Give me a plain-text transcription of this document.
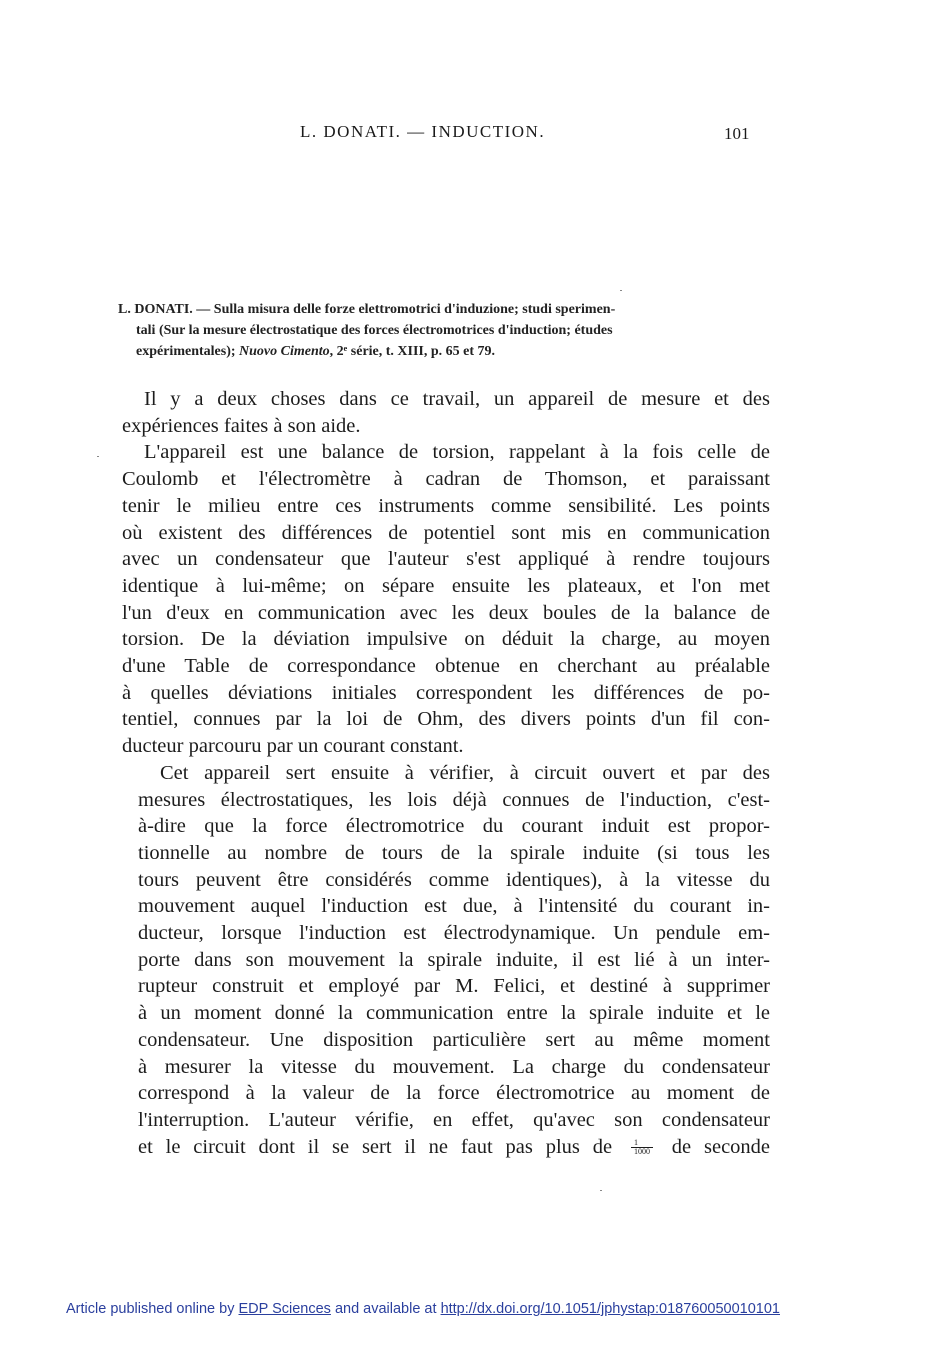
L. DONATI. — INDUCTION.	101
L. DONATI. — Sulla misura delle forze elettromotrici d'induzione; studi sperimen-
tali (Sur la mesure électrostatique des forces électromotrices d'induction; études
expérimentales); Nuovo Cimento, 2ᵉ série, t. XIII, p. 65 et 79.
Il y a deux choses dans ce travail, un appareil de mesure et des
expériences faites à son aide.
L'appareil est une balance de torsion, rappelant à la fois celle de
Coulomb et l'électromètre à cadran de Thomson, et paraissant
tenir le milieu entre ces instruments comme sensibilité. Les points
où existent des différences de potentiel sont mis en communication
avec un condensateur que l'auteur s'est appliqué à rendre toujours
identique à lui-même; on sépare ensuite les plateaux, et l'on met
l'un d'eux en communication avec les deux boules de la balance de
torsion. De la déviation impulsive on déduit la charge, au moyen
d'une Table de correspondance obtenue en cherchant au préalable
à quelles déviations initiales correspondent les différences de po-
tentiel, connues par la loi de Ohm, des divers points d'un fil con-
ducteur parcouru par un courant constant.
Cet appareil sert ensuite à vérifier, à circuit ouvert et par des
mesures électrostatiques, les lois déjà connues de l'induction, c'est-
à-dire que la force électromotrice du courant induit est propor-
tionnelle au nombre de tours de la spirale induite (si tous les
tours peuvent être considérés comme identiques), à la vitesse du
mouvement auquel l'induction est due, à l'intensité du courant in-
ducteur, lorsque l'induction est électrodynamique. Un pendule em-
porte dans son mouvement la spirale induite, il est lié à un inter-
rupteur construit et employé par M. Felici, et destiné à supprimer
à un moment donné la communication entre la spirale induite et le
condensateur. Une disposition particulière sert au même moment
à mesurer la vitesse du mouvement. La charge du condensateur
correspond à la valeur de la force électromotrice au moment de
l'interruption. L'auteur vérifie, en effet, qu'avec son condensateur
et le circuit dont il se sert il ne faut pas plus de $\frac{1}{1000}$ de seconde
Article published online by EDP Sciences and available at http://dx.doi.org/10.1051/jphystap:018760050010101
